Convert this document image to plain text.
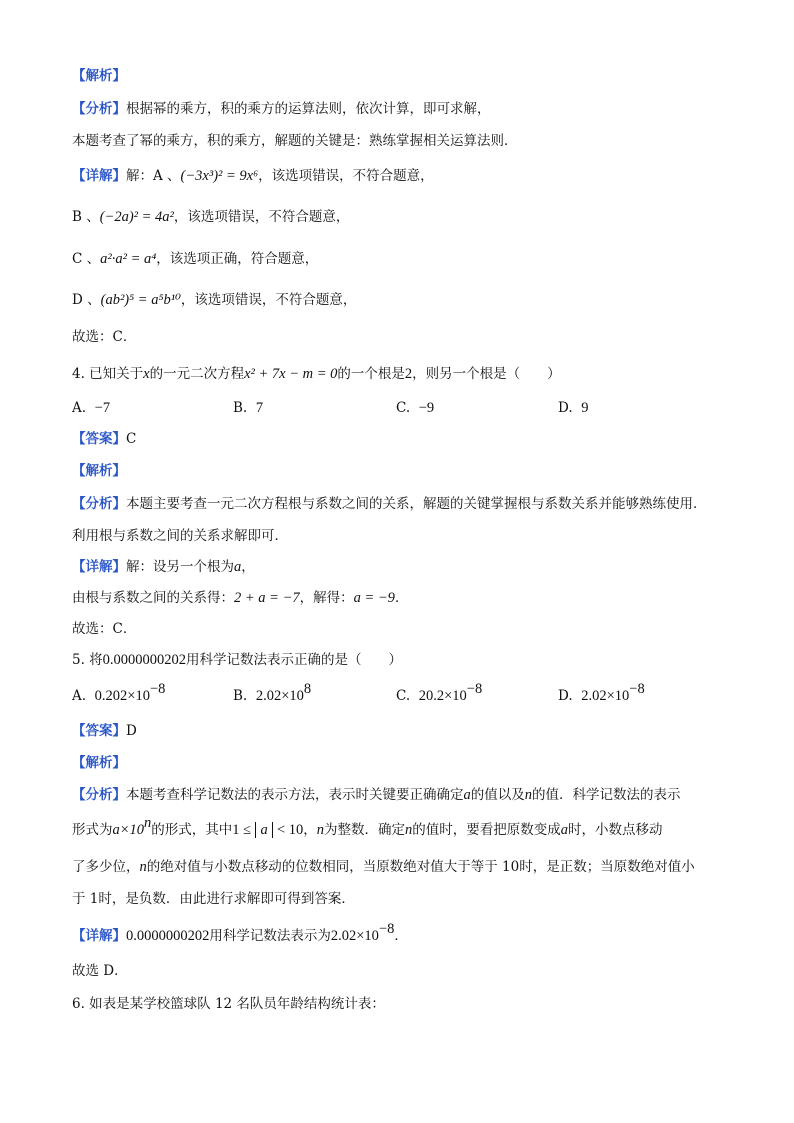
【解析】
【分析】根据幂的乘方，积的乘方的运算法则，依次计算，即可求解，
本题考查了幂的乘方，积的乘方，解题的关键是：熟练掌握相关运算法则．
【详解】解：A 、(−3x³)² = 9x⁶，该选项错误，不符合题意，
B 、(−2a)² = 4a²，该选项错误，不符合题意，
C 、a²·a² = a⁴，该选项正确，符合题意，
D 、(ab²)⁵ = a⁵b¹⁰，该选项错误，不符合题意，
故选：C．
4. 已知关于x的一元二次方程x² + 7x − m = 0的一个根是2，则另一个根是（　　）
A. −7	B. 7	C. −9	D. 9
【答案】C
【解析】
【分析】本题主要考查一元二次方程根与系数之间的关系，解题的关键掌握根与系数关系并能够熟练使用．
利用根与系数之间的关系求解即可．
【详解】解：设另一个根为a，
由根与系数之间的关系得：2 + a = −7，解得：a = −9．
故选：C．
5. 将0.0000000202用科学记数法表示正确的是（　　）
A. $0.202\times 10^{-8}$	B. $2.02\times 10^8$	C. $20.2\times 10^{-8}$	D. $2.02\times 10^{-8}$
【答案】D
【解析】
【分析】本题考查科学记数法的表示方法，表示时关键要正确确定a的值以及n的值．科学记数法的表示
形式为$a\times 10^n$的形式，其中1 ≤ a < 10，n为整数．确定n的值时，要看把原数变成a时，小数点移动
了多少位，n的绝对值与小数点移动的位数相同，当原数绝对值大于等于 10时，是正数；当原数绝对值小
于 1时，是负数．由此进行求解即可得到答案．
【详解】0.0000000202用科学记数法表示为$2.02\times 10^{-8}$．
故选 D．
6. 如表是某学校篮球队 12 名队员年龄结构统计表：
